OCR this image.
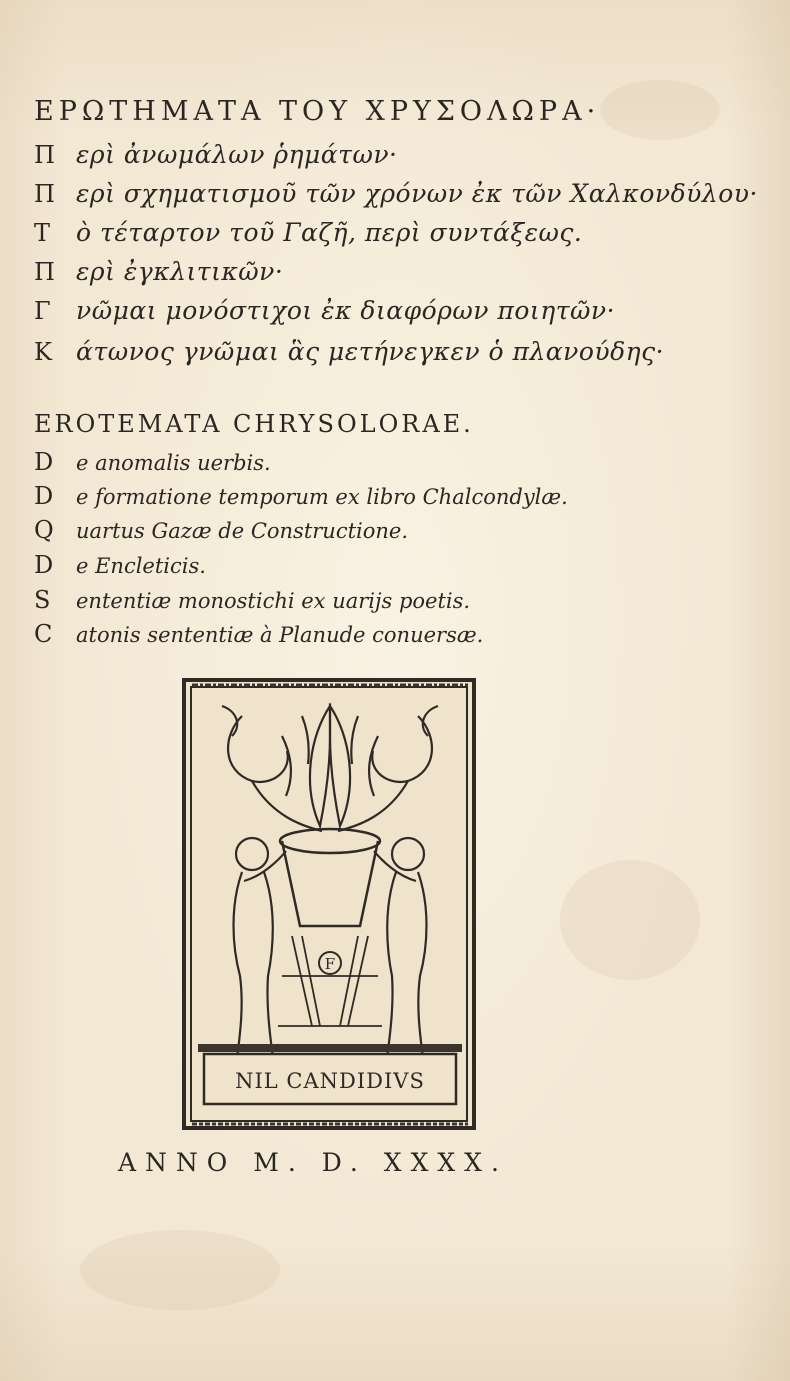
ΕΡΩΤΗΜΑΤΑ ΤΟΥ ΧΡΥΣΟΛΩΡΑ·
Π ερὶ ἀνωμάλων ῥημάτων·
Π ερὶ σχηματισμοῦ τῶν χρόνων ἐκ τῶν Χαλκονδύλου·
Τ	ὸ τέταρτον τοῦ Γαζῆ, περὶ συντάξεως.
Π ερὶ ἐγκλιτικῶν·
Γ	νῶμαι μονόστιχοι ἐκ διαφόρων ποιητῶν·
Κ άτωνος γνῶμαι ἃς μετήνεγκεν ὁ πλανούδης·
EROTEMATA CHRYSOLORAE.
D	e anomalis uerbis.
D	e formatione temporum ex libro Chalcondylæ.
Q	uartus Gazæ de Constructione.
D	e Encleticis.
S	ententiæ monostichi ex uarijs poetis.
C	atonis sententiæ à Planude conuersæ.
F
NIL CANDIDIVS
ANNO M. D. XXXX.
